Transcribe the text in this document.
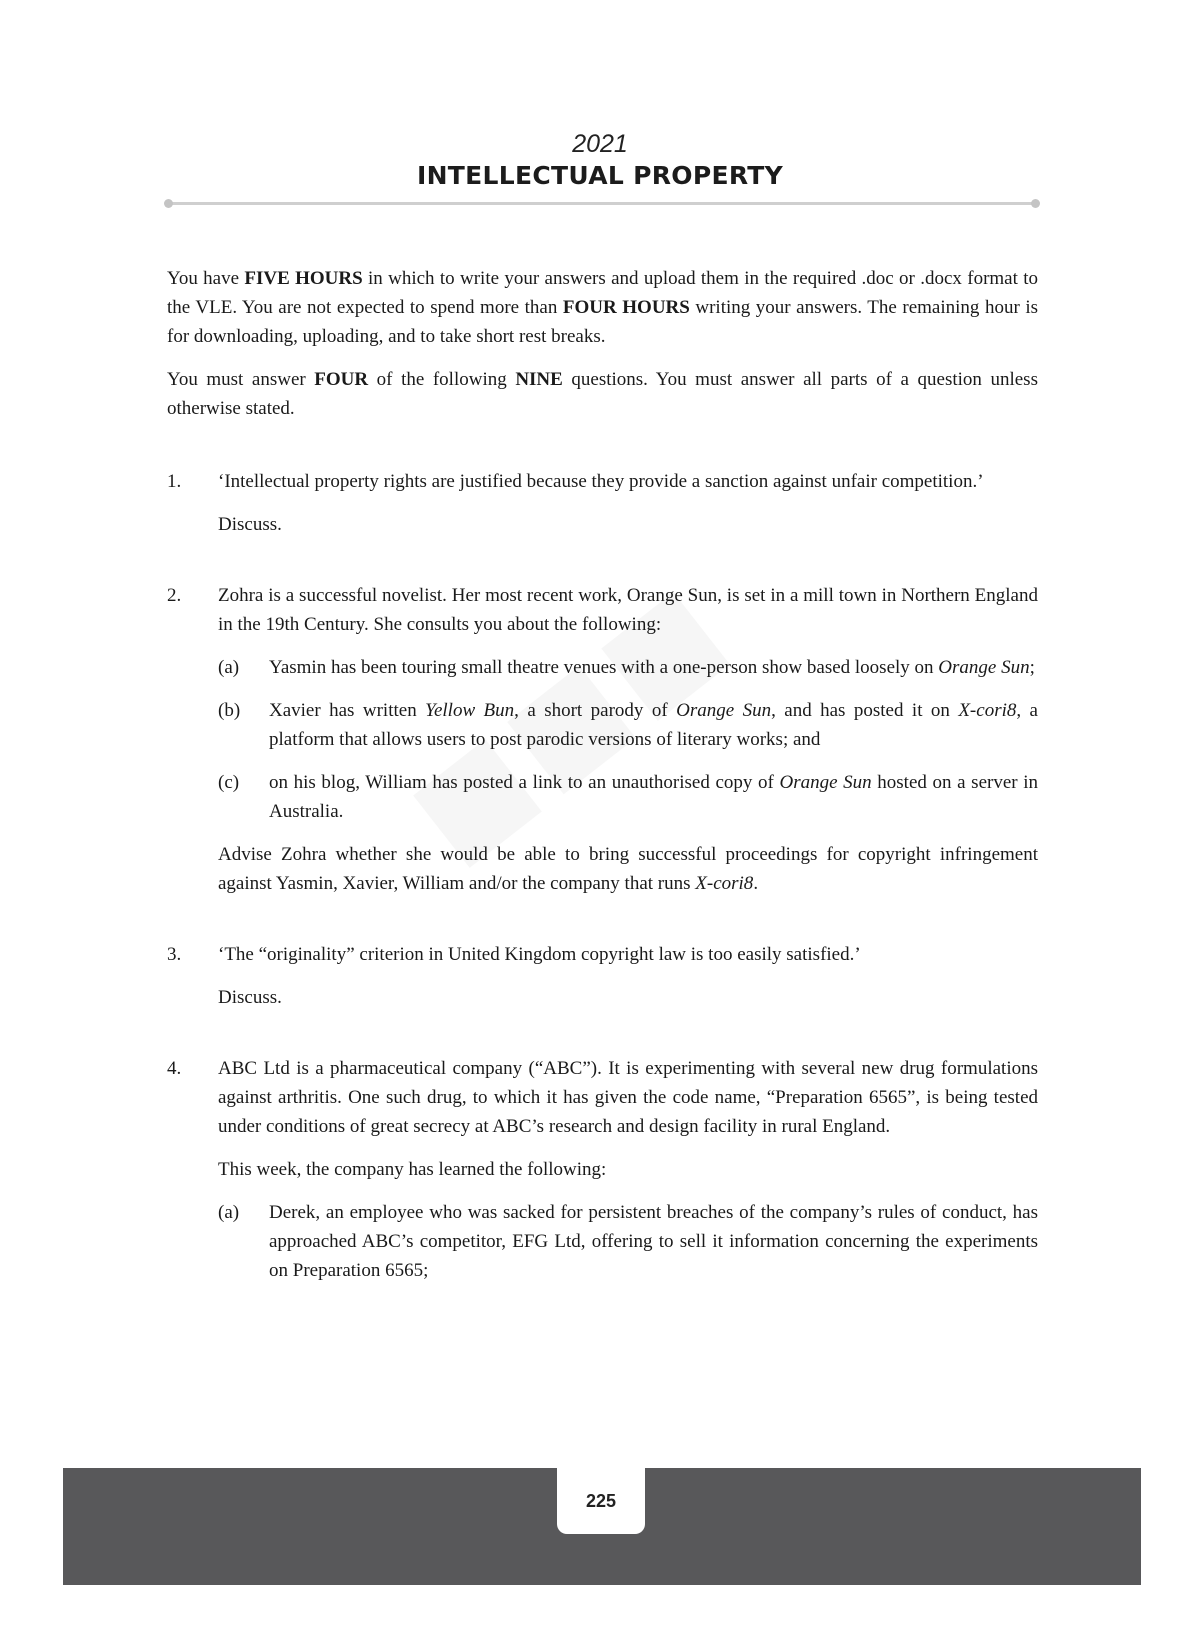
2021
INTELLECTUAL PROPERTY

You have FIVE HOURS in which to write your answers and upload them in the required .doc or .docx format to the VLE. You are not expected to spend more than FOUR HOURS writing your answers. The remaining hour is for downloading, uploading, and to take short rest breaks.

You must answer FOUR of the following NINE questions. You must answer all parts of a question unless otherwise stated.

1. ‘Intellectual property rights are justified because they provide a sanction against unfair competition.’

Discuss.

2. Zohra is a successful novelist. Her most recent work, Orange Sun, is set in a mill town in Northern England in the 19th Century. She consults you about the following:

(a) Yasmin has been touring small theatre venues with a one-person show based loosely on Orange Sun;

(b) Xavier has written Yellow Bun, a short parody of Orange Sun, and has posted it on X-cori8, a platform that allows users to post parodic versions of literary works; and

(c) on his blog, William has posted a link to an unauthorised copy of Orange Sun hosted on a server in Australia.

Advise Zohra whether she would be able to bring successful proceedings for copyright infringement against Yasmin, Xavier, William and/or the company that runs X-cori8.

3. ‘The “originality” criterion in United Kingdom copyright law is too easily satisfied.’

Discuss.

4. ABC Ltd is a pharmaceutical company (“ABC”). It is experimenting with several new drug formulations against arthritis. One such drug, to which it has given the code name, “Preparation 6565”, is being tested under conditions of great secrecy at ABC’s research and design facility in rural England.

This week, the company has learned the following:

(a) Derek, an employee who was sacked for persistent breaches of the company’s rules of conduct, has approached ABC’s competitor, EFG Ltd, offering to sell it information concerning the experiments on Preparation 6565;

225
